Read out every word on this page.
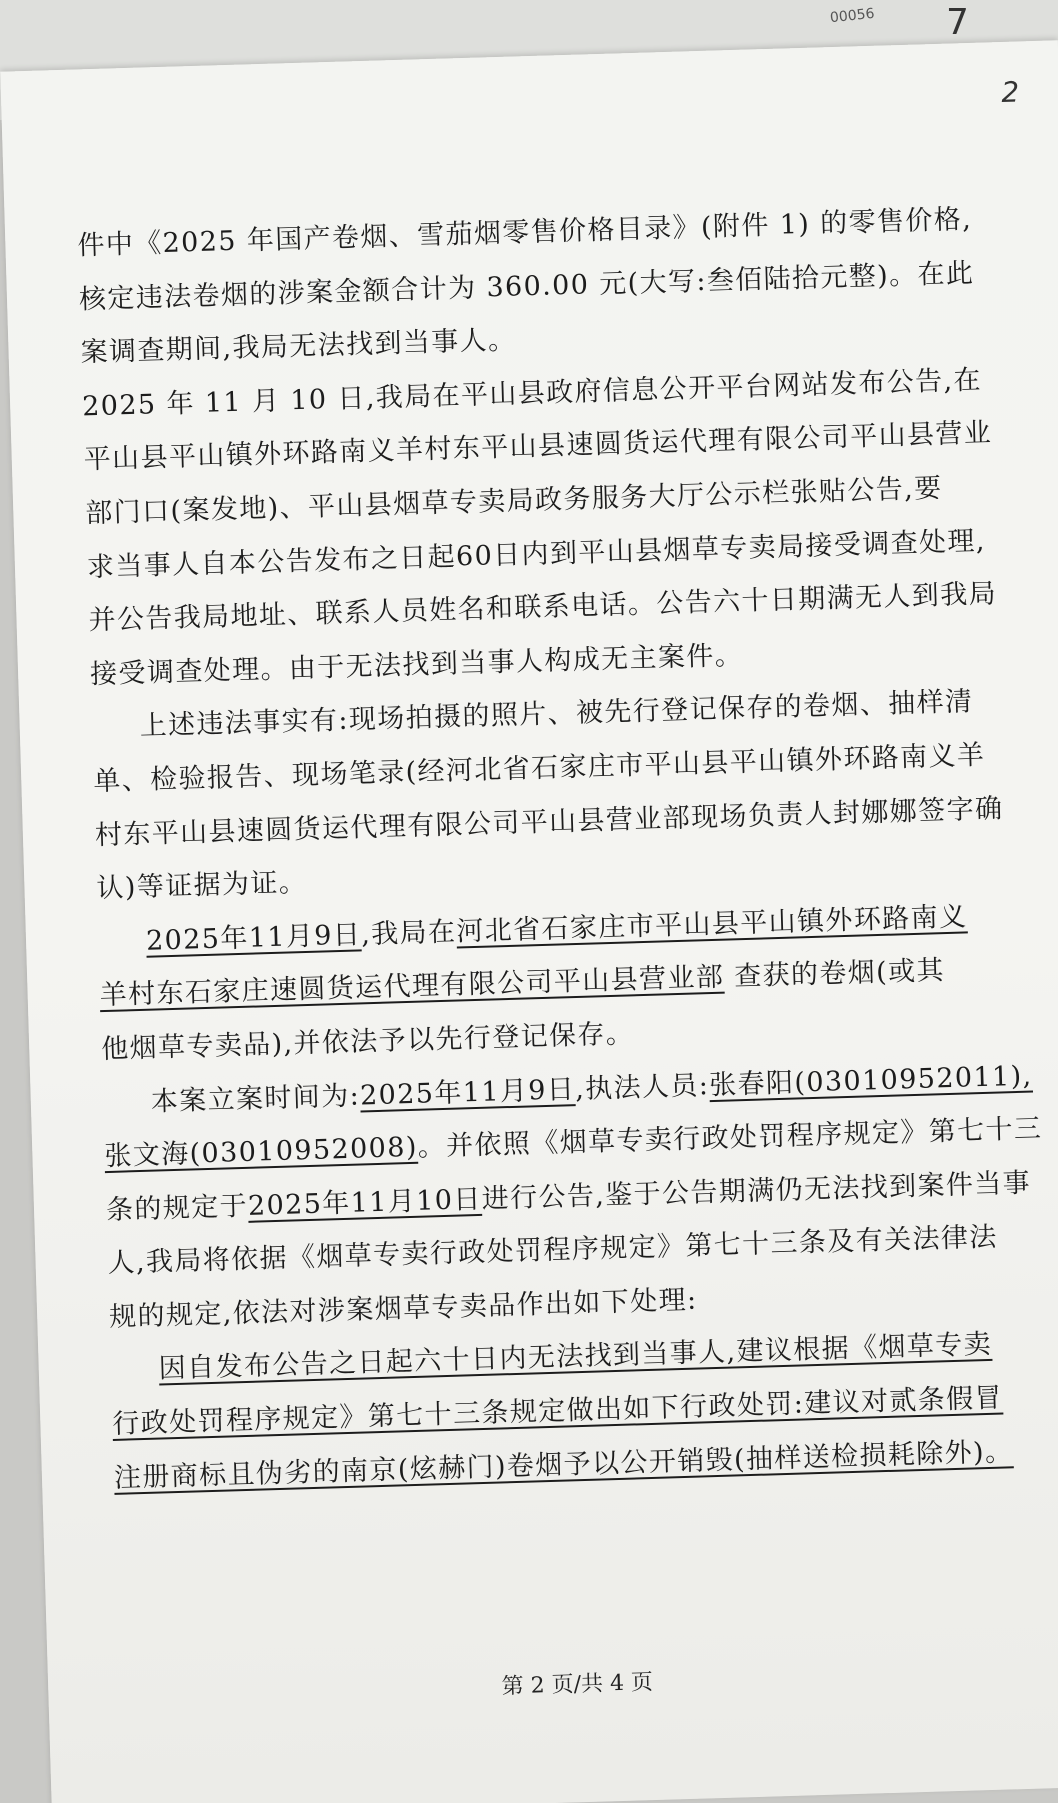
00056 7
2
件中《2025 年国产卷烟、雪茄烟零售价格目录》(附件 1) 的零售价格,
核定违法卷烟的涉案金额合计为 360.00 元(大写:叁佰陆拾元整)。在此
案调查期间,我局无法找到当事人。
2025 年 11 月 10 日,我局在平山县政府信息公开平台网站发布公告,在
平山县平山镇外环路南义羊村东平山县速圆货运代理有限公司平山县营业
部门口(案发地)、平山县烟草专卖局政务服务大厅公示栏张贴公告,要
求当事人自本公告发布之日起60日内到平山县烟草专卖局接受调查处理,
并公告我局地址、联系人员姓名和联系电话。公告六十日期满无人到我局
接受调查处理。由于无法找到当事人构成无主案件。
上述违法事实有:现场拍摄的照片、被先行登记保存的卷烟、抽样清
单、检验报告、现场笔录(经河北省石家庄市平山县平山镇外环路南义羊
村东平山县速圆货运代理有限公司平山县营业部现场负责人封娜娜签字确
认)等证据为证。
2025年11月9日,我局在河北省石家庄市平山县平山镇外环路南义
羊村东石家庄速圆货运代理有限公司平山县营业部 查获的卷烟(或其
他烟草专卖品),并依法予以先行登记保存。
本案立案时间为:2025年11月9日,执法人员:张春阳(03010952011),
张文海(03010952008)。并依照《烟草专卖行政处罚程序规定》第七十三
条的规定于2025年11月10日进行公告,鉴于公告期满仍无法找到案件当事
人,我局将依据《烟草专卖行政处罚程序规定》第七十三条及有关法律法
规的规定,依法对涉案烟草专卖品作出如下处理:
因自发布公告之日起六十日内无法找到当事人,建议根据《烟草专卖
行政处罚程序规定》第七十三条规定做出如下行政处罚:建议对贰条假冒
注册商标且伪劣的南京(炫赫门)卷烟予以公开销毁(抽样送检损耗除外)。
第 2 页/共 4 页
